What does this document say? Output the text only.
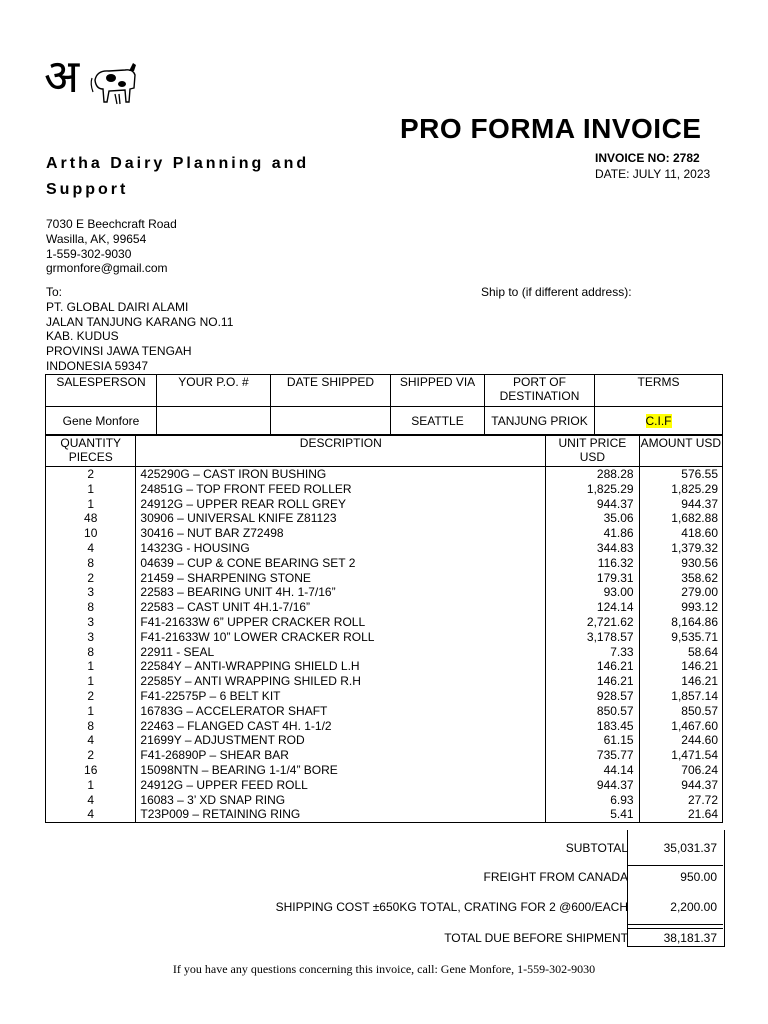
अ
PRO FORMA INVOICE
Artha Dairy Planning and Support
INVOICE NO: 2782
DATE: JULY 11, 2023
7030 E Beechcraft Road
Wasilla, AK, 99654
1-559-302-9030
grmonfore@gmail.com
To:
PT. GLOBAL DAIRI ALAMI
JALAN TANJUNG KARANG NO.11
KAB. KUDUS
PROVINSI JAWA TENGAH
INDONESIA 59347
Ship to (if different address):
SALESPERSON	YOUR P.O. #	DATE SHIPPED	SHIPPED VIA	PORT OF DESTINATION	TERMS
Gene Monfore			SEATTLE	TANJUNG PRIOK	C.I.F
QUANTITY PIECES	DESCRIPTION	UNIT PRICE USD	AMOUNT USD
2	425290G – CAST IRON BUSHING	288.28	576.55
1	24851G – TOP FRONT FEED ROLLER	1,825.29	1,825.29
1	24912G – UPPER REAR ROLL GREY	944.37	944.37
48	30906 – UNIVERSAL KNIFE Z81123	35.06	1,682.88
10	30416 – NUT BAR Z72498	41.86	418.60
4	14323G - HOUSING	344.83	1,379.32
8	04639 – CUP & CONE BEARING SET 2	116.32	930.56
2	21459 – SHARPENING STONE	179.31	358.62
3	22583 – BEARING UNIT 4H. 1-7/16”	93.00	279.00
8	22583 – CAST UNIT 4H.1-7/16”	124.14	993.12
3	F41-21633W 6” UPPER CRACKER ROLL	2,721.62	8,164.86
3	F41-21633W 10” LOWER CRACKER ROLL	3,178.57	9,535.71
8	22911 - SEAL	7.33	58.64
1	22584Y – ANTI-WRAPPING SHIELD L.H	146.21	146.21
1	22585Y – ANTI WRAPPING SHILED R.H	146.21	146.21
2	F41-22575P – 6 BELT KIT	928.57	1,857.14
1	16783G – ACCELERATOR SHAFT	850.57	850.57
8	22463 – FLANGED CAST 4H. 1-1/2	183.45	1,467.60
4	21699Y – ADJUSTMENT ROD	61.15	244.60
2	F41-26890P – SHEAR BAR	735.77	1,471.54
16	15098NTN – BEARING 1-1/4” BORE	44.14	706.24
1	24912G – UPPER FEED ROLL	944.37	944.37
4	16083 – 3’ XD SNAP RING	6.93	27.72
4	T23P009 – RETAINING RING	5.41	21.64
SUBTOTAL	35,031.37
FREIGHT FROM CANADA	950.00
SHIPPING COST ±650KG TOTAL, CRATING FOR 2 @600/EACH	2,200.00
TOTAL DUE BEFORE SHIPMENT	38,181.37
If you have any questions concerning this invoice, call: Gene Monfore, 1-559-302-9030
